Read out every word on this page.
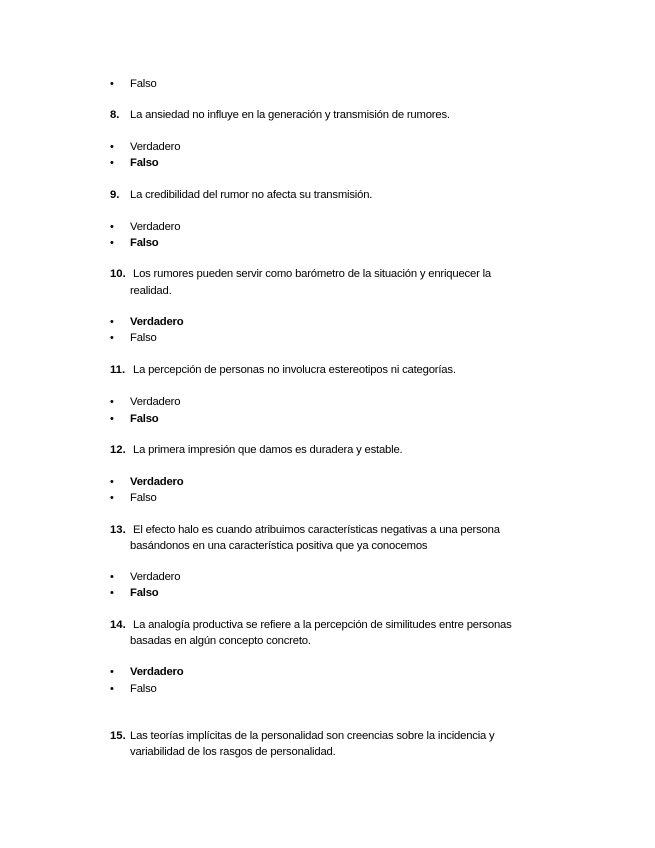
• Falso
8. La ansiedad no influye en la generación y transmisión de rumores.
• Verdadero
• Falso
9. La credibilidad del rumor no afecta su transmisión.
• Verdadero
• Falso
10. Los rumores pueden servir como barómetro de la situación y enriquecer la
realidad.
• Verdadero
• Falso
11. La percepción de personas no involucra estereotipos ni categorías.
• Verdadero
• Falso
12. La primera impresión que damos es duradera y estable.
• Verdadero
• Falso
13. El efecto halo es cuando atribuimos características negativas a una persona
basándonos en una característica positiva que ya conocemos
• Verdadero
• Falso
14. La analogía productiva se refiere a la percepción de similitudes entre personas
basadas en algún concepto concreto.
• Verdadero
• Falso
15. Las teorías implícitas de la personalidad son creencias sobre la incidencia y
variabilidad de los rasgos de personalidad.
